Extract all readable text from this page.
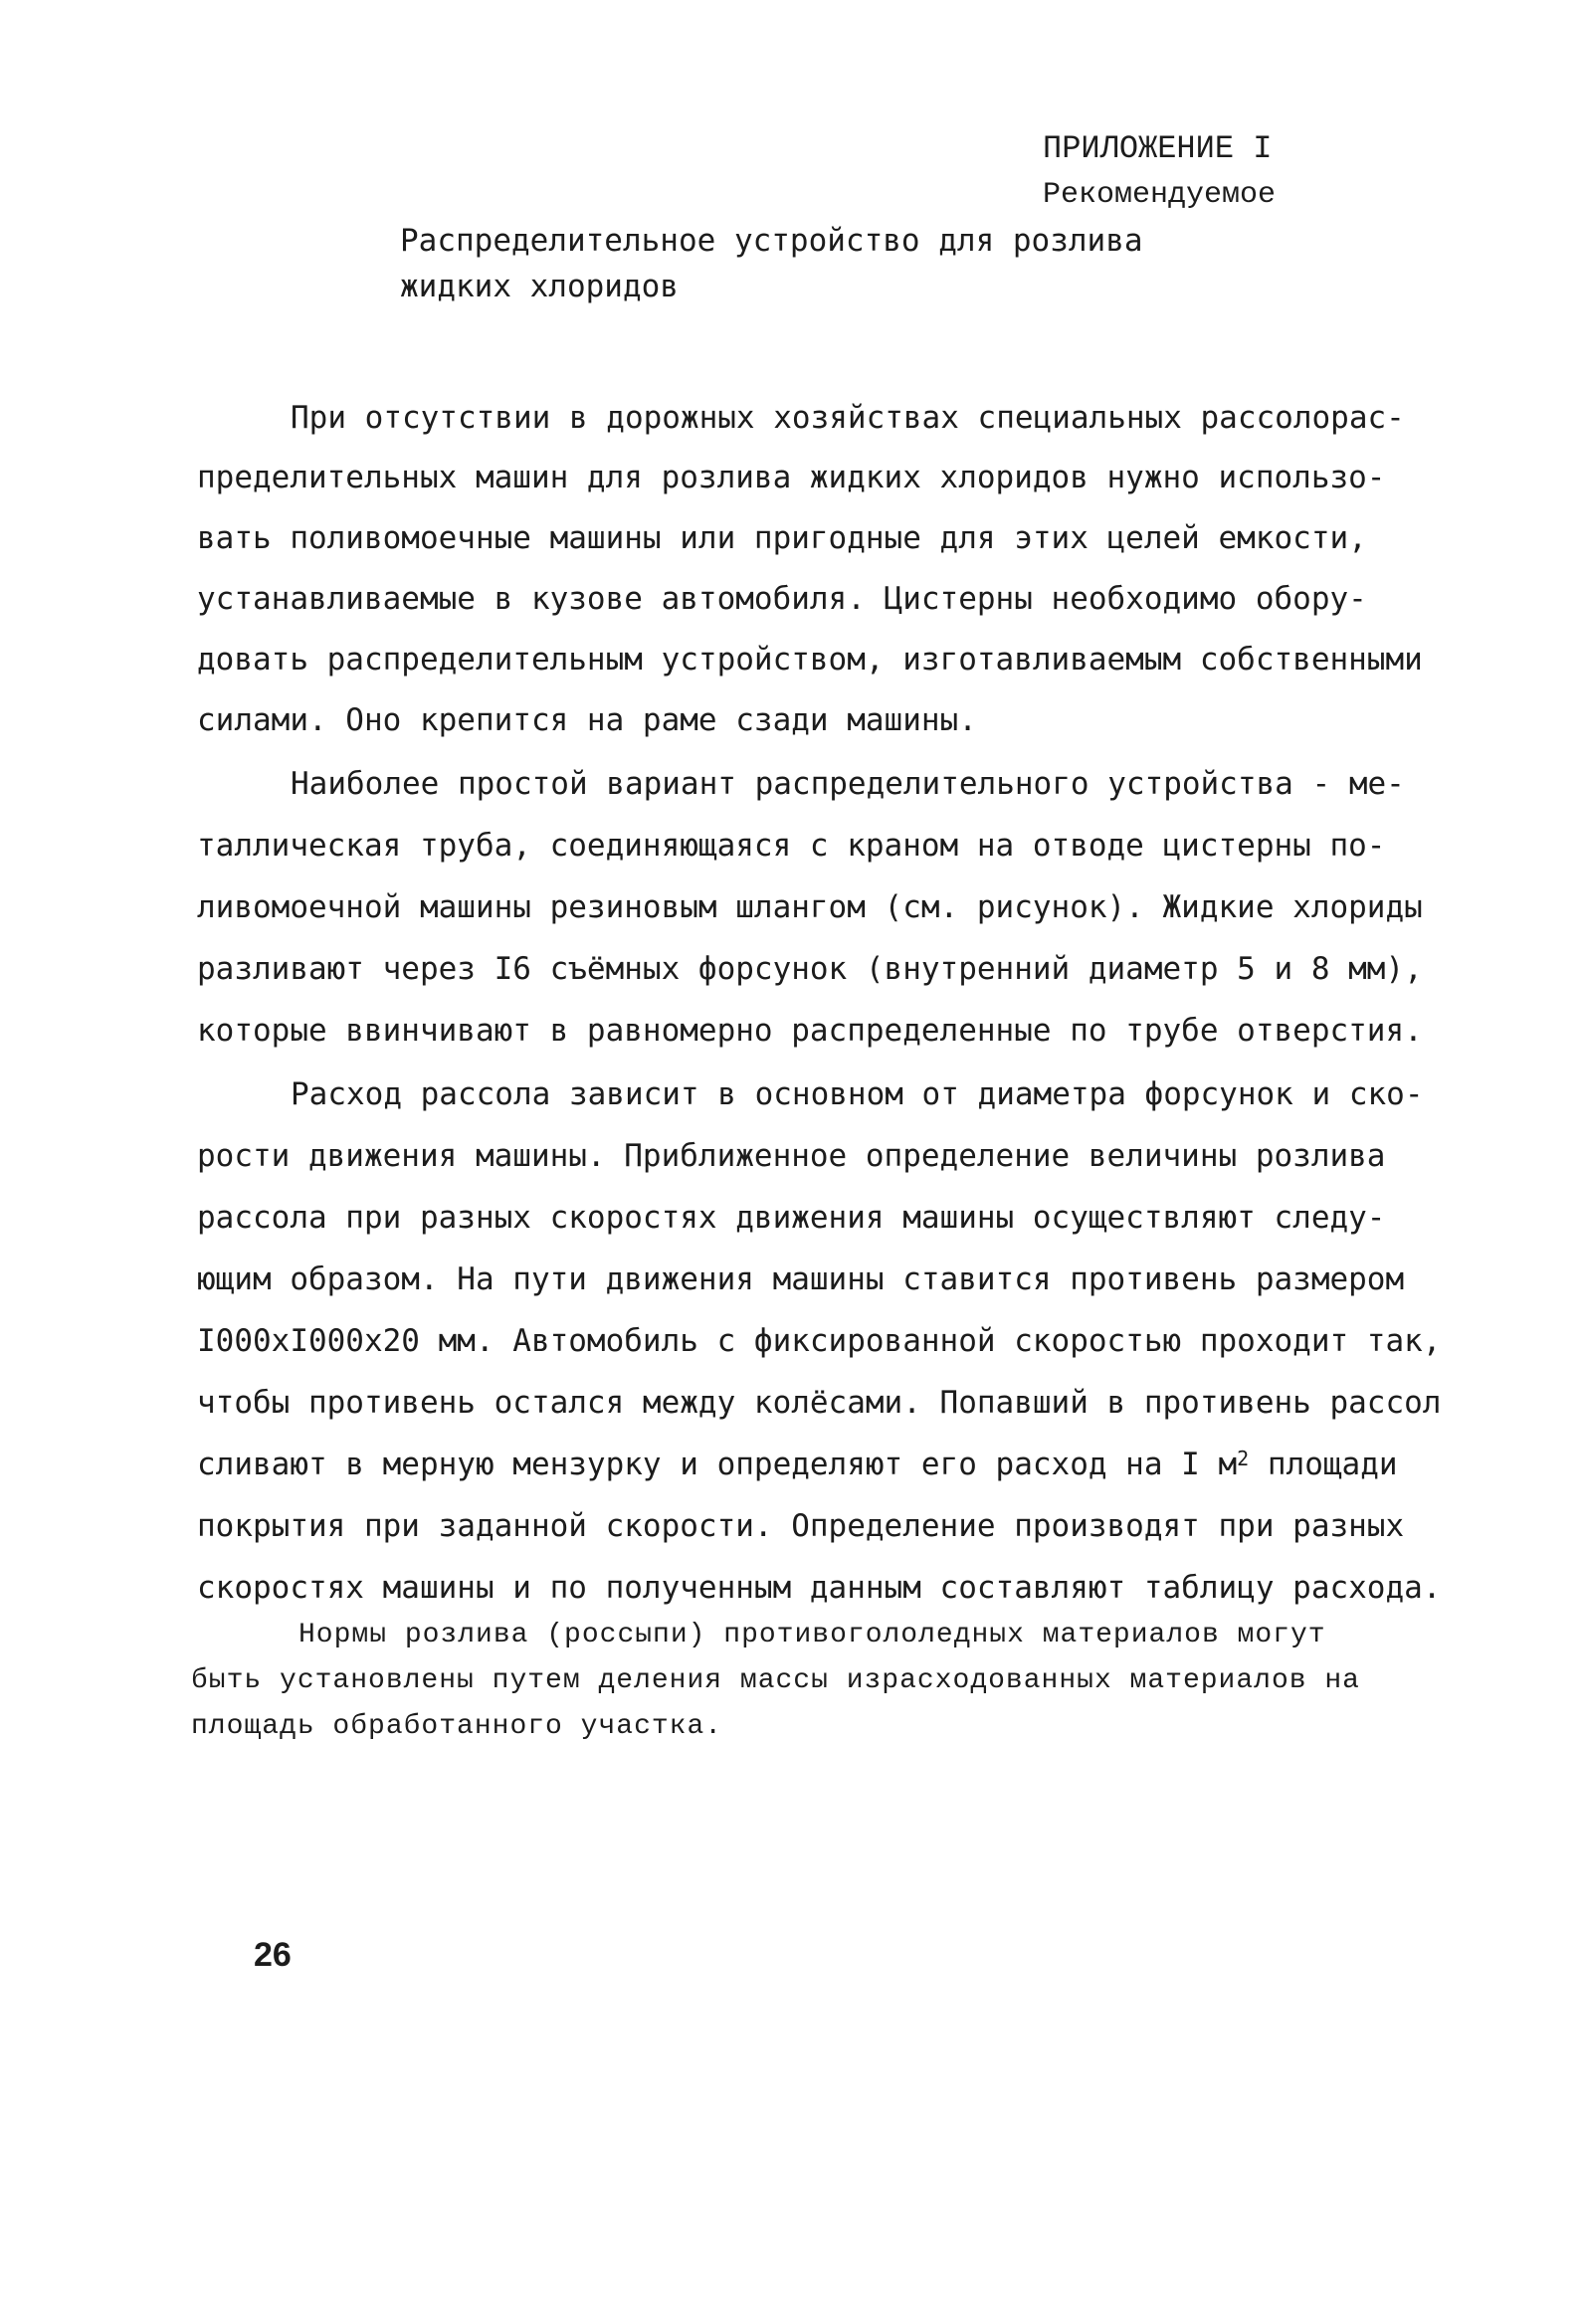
ПРИЛОЖЕНИЕ I
Рекомендуемое
Распределительное устройство для розлива
жидких хлоридов
При отсутствии в дорожных хозяйствах специальных рассолорас-
пределительных машин для розлива жидких хлоридов нужно использо-
вать поливомоечные машины или пригодные для этих целей емкости,
устанавливаемые в кузове автомобиля. Цистерны необходимо обору-
довать распределительным устройством, изготавливаемым собственными
силами. Оно крепится на раме сзади машины.
Наиболее простой вариант распределительного устройства - ме-
таллическая труба, соединяющаяся с краном на отводе цистерны по-
ливомоечной машины резиновым шлангом (см. рисунок). Жидкие хлориды
разливают через I6 съёмных форсунок (внутренний диаметр 5 и 8 мм),
которые ввинчивают в равномерно распределенные по трубе отверстия.
Расход рассола зависит в основном от диаметра форсунок и ско-
рости движения машины. Приближенное определение величины розлива
рассола при разных скоростях движения машины осуществляют следу-
ющим образом. На пути движения машины ставится противень размером
I000xI000x20 мм. Автомобиль с фиксированной скоростью проходит так,
чтобы противень остался между колёсами. Попавший в противень рассол
сливают в мерную мензурку и определяют его расход на I $м^2$ площади
покрытия при заданной скорости. Определение производят при разных
скоростях машины и по полученным данным составляют таблицу расхода.
Нормы розлива (россыпи) противогололедных материалов могут
быть установлены путем деления массы израсходованных материалов на
площадь обработанного участка.
26
